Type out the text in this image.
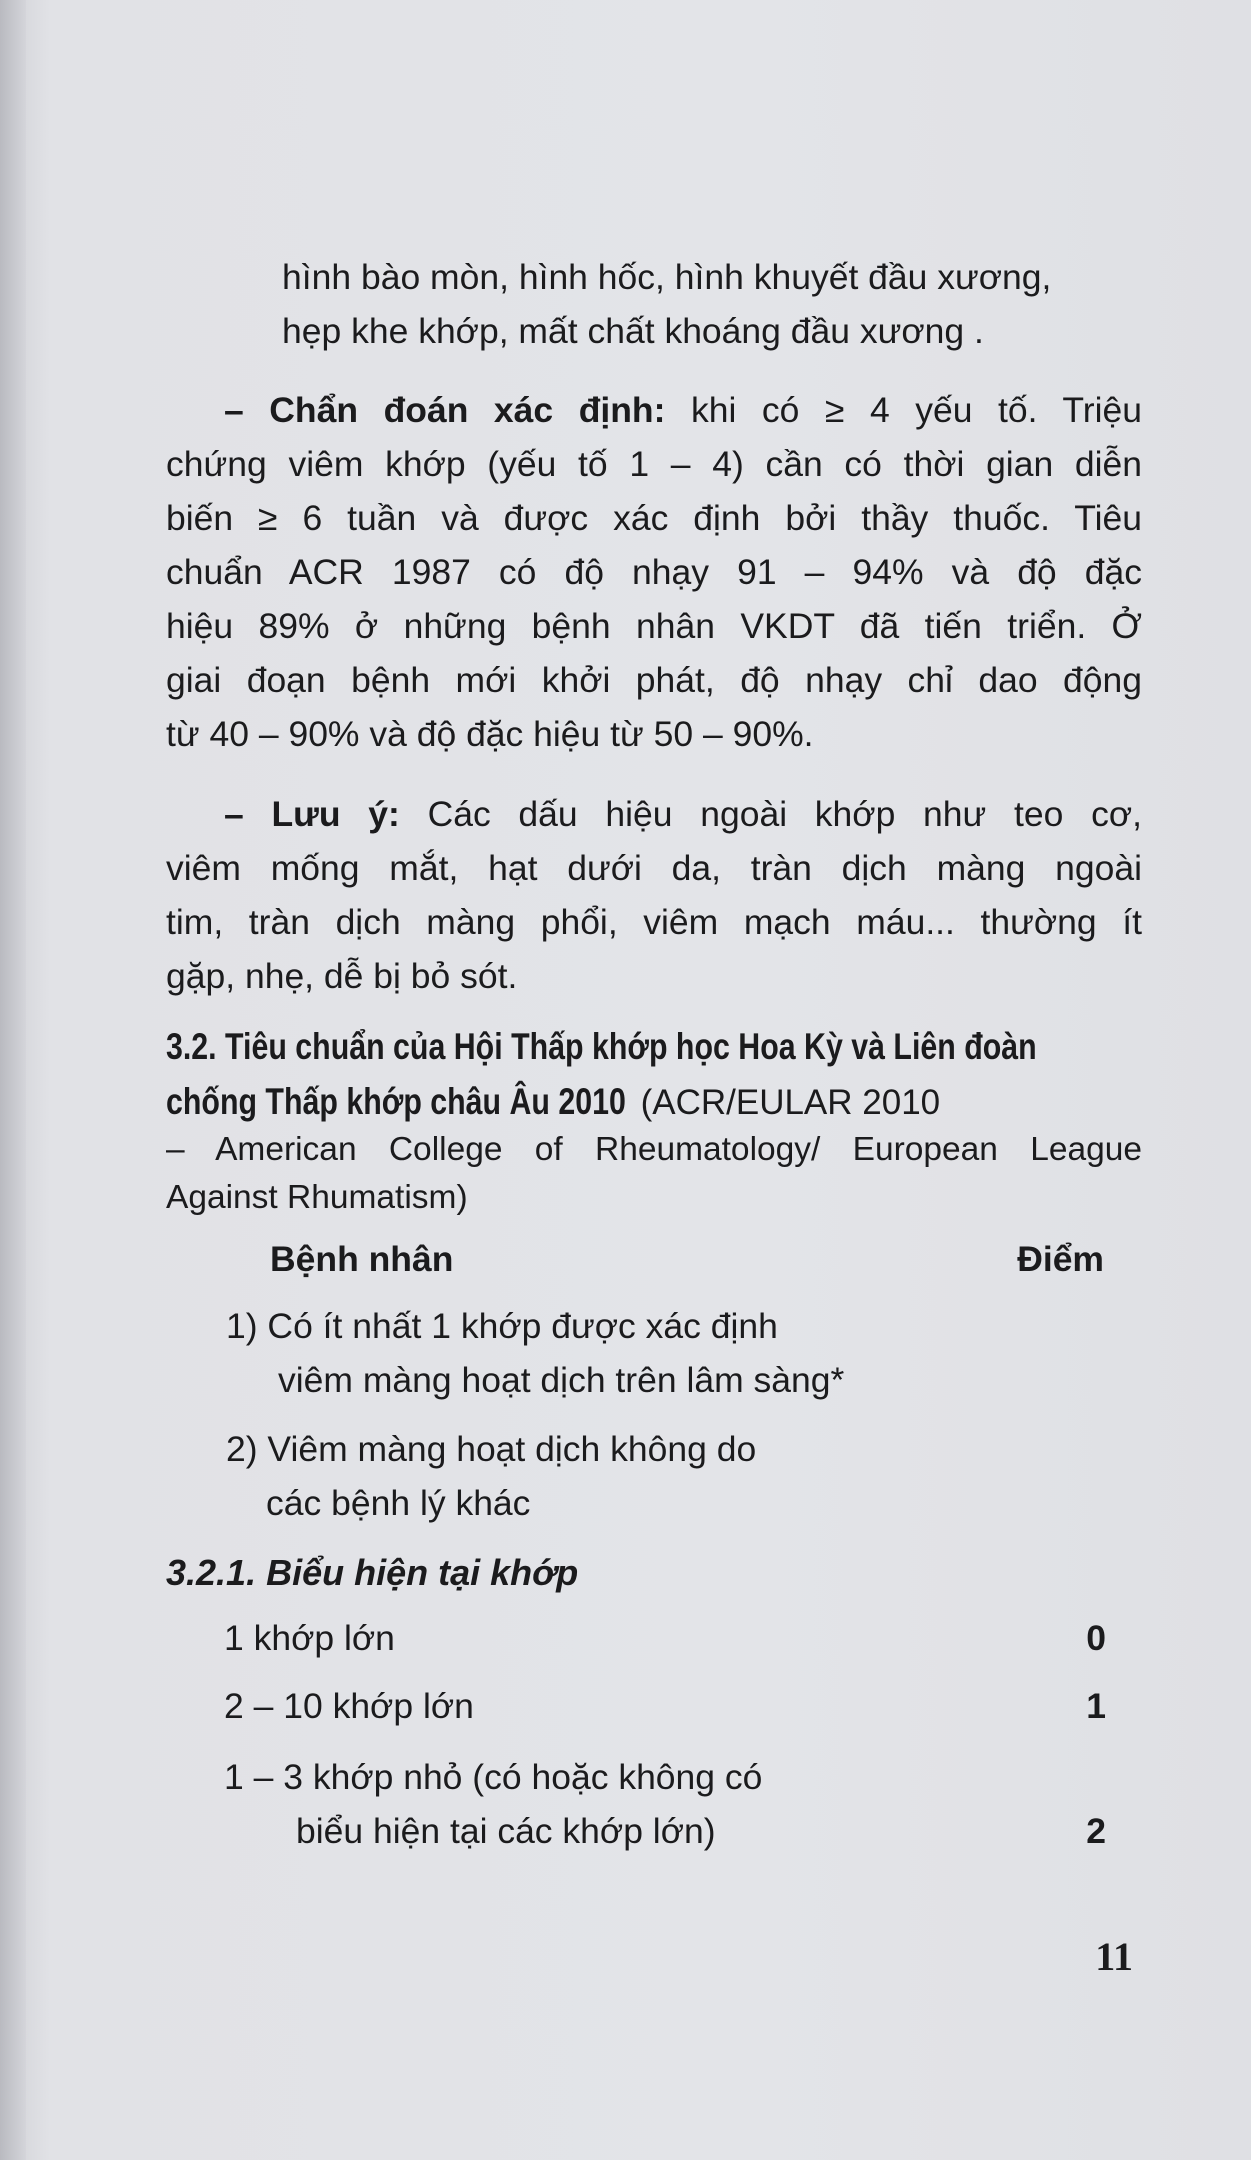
hình bào mòn, hình hốc, hình khuyết đầu xương,
hẹp khe khớp, mất chất khoáng đầu xương .
– Chẩn đoán xác định: khi có ≥ 4 yếu tố. Triệu
chứng viêm khớp (yếu tố 1 – 4) cần có thời gian diễn
biến ≥ 6 tuần và được xác định bởi thầy thuốc. Tiêu
chuẩn ACR 1987 có độ nhạy 91 – 94% và độ đặc
hiệu 89% ở những bệnh nhân VKDT đã tiến triển. Ở
giai đoạn bệnh mới khởi phát, độ nhạy chỉ dao động
từ 40 – 90% và độ đặc hiệu từ 50 – 90%.
– Lưu ý: Các dấu hiệu ngoài khớp như teo cơ,
viêm mống mắt, hạt dưới da, tràn dịch màng ngoài
tim, tràn dịch màng phổi, viêm mạch máu... thường ít
gặp, nhẹ, dễ bị bỏ sót.
3.2. Tiêu chuẩn của Hội Thấp khớp học Hoa Kỳ và Liên đoàn
chống Thấp khớp châu Âu 2010 (ACR/EULAR 2010
– American College of Rheumatology/ European League
Against Rhumatism)
Bệnh nhân	Điểm
1) Có ít nhất 1 khớp được xác định
viêm màng hoạt dịch trên lâm sàng*
2) Viêm màng hoạt dịch không do
các bệnh lý khác
3.2.1. Biểu hiện tại khớp
1 khớp lớn	0
2 – 10 khớp lớn	1
1 – 3 khớp nhỏ (có hoặc không có
biểu hiện tại các khớp lớn)	2
11
